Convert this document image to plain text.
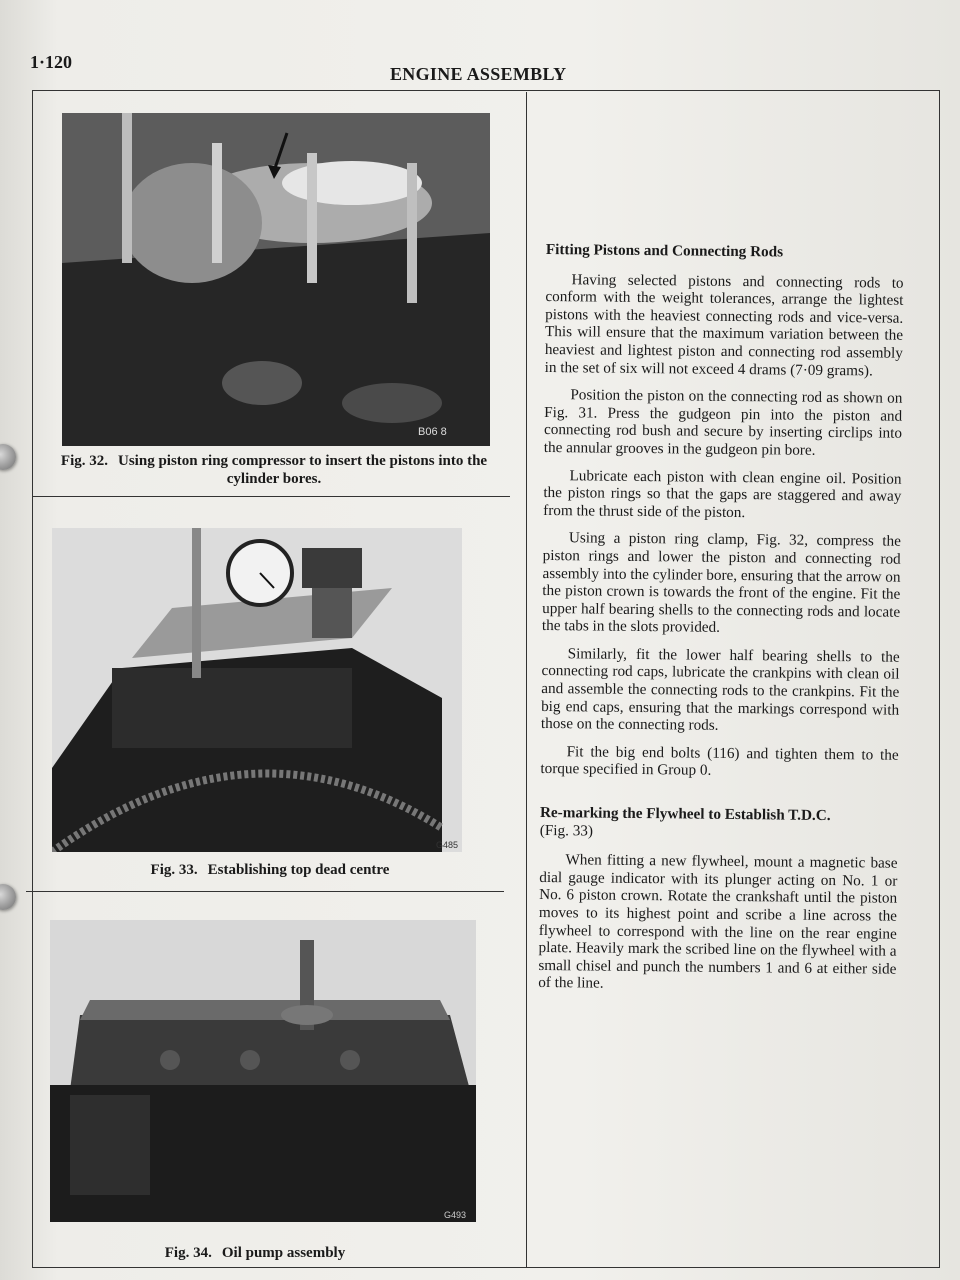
1·120
ENGINE ASSEMBLY
B06 8
Fig. 32. Using piston ring compressor to insert the pistons into the cylinder bores.
G485
Fig. 33. Establishing top dead centre
G493
Fig. 34. Oil pump assembly

Fitting Pistons and Connecting Rods

Having selected pistons and connecting rods to conform with the weight tolerances, arrange the lightest pistons with the heaviest connecting rods and vice-versa. This will ensure that the maximum variation between the heaviest and lightest piston and connecting rod assembly in the set of six will not exceed 4 drams (7·09 grams).

Position the piston on the connecting rod as shown on Fig. 31. Press the gudgeon pin into the piston and connecting rod bush and secure by inserting circlips into the annular grooves in the gudgeon pin bore.

Lubricate each piston with clean engine oil. Position the piston rings so that the gaps are staggered and away from the thrust side of the piston.

Using a piston ring clamp, Fig. 32, compress the piston rings and lower the piston and connecting rod assembly into the cylinder bore, ensuring that the arrow on the piston crown is towards the front of the engine. Fit the upper half bearing shells to the connecting rods and locate the tabs in the slots provided.

Similarly, fit the lower half bearing shells to the connecting rod caps, lubricate the crankpins with clean oil and assemble the connecting rods to the crankpins. Fit the big end caps, ensuring that the markings correspond with those on the connecting rods.

Fit the big end bolts (116) and tighten them to the torque specified in Group 0.

Re-marking the Flywheel to Establish T.D.C.

(Fig. 33)

When fitting a new flywheel, mount a magnetic base dial gauge indicator with its plunger acting on No. 1 or No. 6 piston crown. Rotate the crankshaft until the piston moves to its highest point and scribe a line across the flywheel to correspond with the line on the rear engine plate. Heavily mark the scribed line on the flywheel with a small chisel and punch the numbers 1 and 6 at either side of the line.
